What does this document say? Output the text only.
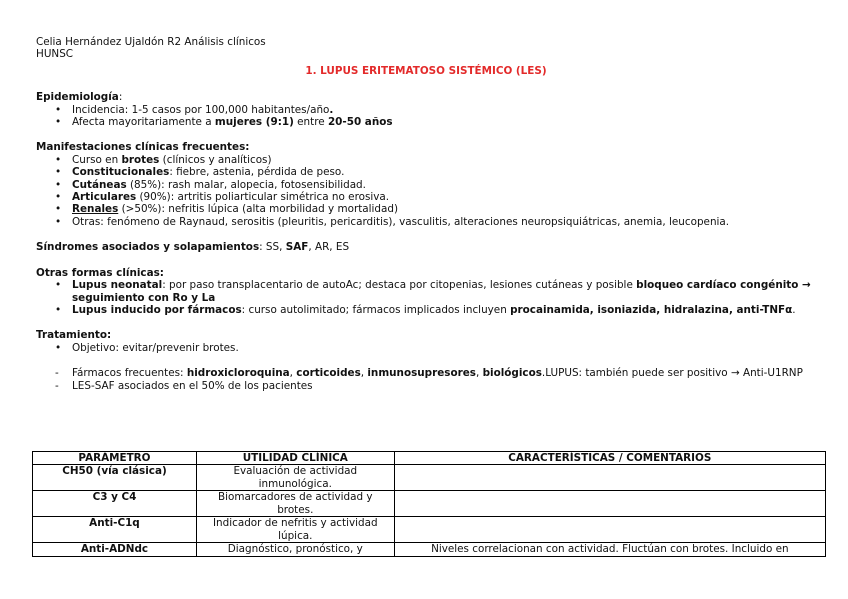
Celia Hernández Ujaldón R2 Análisis clínicos
HUNSC
1. LUPUS ERITEMATOSO SISTÉMICO (LES)
Epidemiología:
• Incidencia: 1-5 casos por 100,000 habitantes/año.
• Afecta mayoritariamente a mujeres (9:1) entre 20-50 años
Manifestaciones clínicas frecuentes:
• Curso en brotes (clínicos y analíticos)
• Constitucionales: fiebre, astenia, pérdida de peso.
• Cutáneas (85%): rash malar, alopecia, fotosensibilidad.
• Articulares (90%): artritis poliarticular simétrica no erosiva.
• Renales (>50%): nefritis lúpica (alta morbilidad y mortalidad)
• Otras: fenómeno de Raynaud, serositis (pleuritis, pericarditis), vasculitis, alteraciones neuropsiquiátricas, anemia, leucopenia.
Síndromes asociados y solapamientos: SS, SAF, AR, ES
Otras formas clínicas:
• Lupus neonatal: por paso transplacentario de autoAc; destaca por citopenias, lesiones cutáneas y posible bloqueo cardíaco congénito → seguimiento con Ro y La
• Lupus inducido por fármacos: curso autolimitado; fármacos implicados incluyen procainamida, isoniazida, hidralazina, anti-TNFα.
Tratamiento:
• Objetivo: evitar/prevenir brotes.
- Fármacos frecuentes: hidroxicloroquina, corticoides, inmunosupresores, biológicos.LUPUS: también puede ser positivo → Anti-U1RNP
- LES-SAF asociados en el 50% de los pacientes
PARÁMETRO	UTILIDAD CLÍNICA	CARACTERÍSTICAS / COMENTARIOS
CH50 (vía clásica)	Evaluación de actividad inmunológica.	
C3 y C4	Biomarcadores de actividad y brotes.	
Anti-C1q	Indicador de nefritis y actividad lúpica.	
Anti-ADNdc	Diagnóstico, pronóstico, y	Niveles correlacionan con actividad. Fluctúan con brotes. Incluido en
